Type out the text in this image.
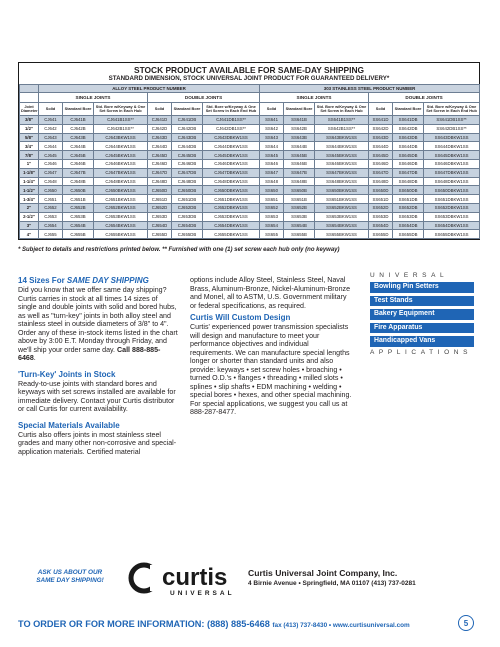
STOCK PRODUCT AVAILABLE FOR SAME-DAY SHIPPING
STANDARD DIMENSION, STOCK UNIVERSAL JOINT PRODUCT FOR GUARANTEED DELIVERY*
	ALLOY STEEL PRODUCT NUMBER						303 STAINLESS STEEL PRODUCT NUMBER					
	SINGLE JOINTS			DOUBLE JOINTS			SINGLE JOINTS			DOUBLE JOINTS		
Joint Diameter	Solid	Standard Bore	Std. Bore w/Keyway & One Set Screw in Each Hub	Solid	Standard Bore	Std. Bore w/Keyway & One Set Screw in Each End Hub	Solid	Standard Bore	Std. Bore w/Keyway & One Set Screw in Each Hub	Solid	Standard Bore	Std. Bore w/Keyway & One Set Screw in Each End Hub
3/8"	CJ641	CJ641B	CJ641B1SS**	CJ641D	CJ641DB	CJ641DB1SS**	SS641	SS641B	SS641B1SS**	SS641D	SS641DB	SS641DB1SS**
1/2"	CJ642	CJ642B	CJ642B1SS**	CJ642D	CJ642DB	CJ642DB1SS**	SS642	SS642B	SS642B1SS**	SS642D	SS642DB	SS642DB1SS**
5/8"	CJ643	CJ643B	CJ643BKW1SS	CJ643D	CJ643DB	CJ643DBKW1SS	SS643	SS643B	SS643BKW1SS	SS643D	SS643DB	SS643DBKW1SS
3/4"	CJ644	CJ644B	CJ644BKW1SS	CJ644D	CJ644DB	CJ644DBKW1SS	SS644	SS644B	SS644BKW1SS	SS644D	SS644DB	SS644DBKW1SS
7/8"	CJ645	CJ645B	CJ645BKW1SS	CJ645D	CJ645DB	CJ645DBKW1SS	SS645	SS645B	SS645BKW1SS	SS645D	SS645DB	SS645DBKW1SS
1"	CJ646	CJ646B	CJ646BKW1SS	CJ646D	CJ646DB	CJ646DBKW1SS	SS646	SS646B	SS646BKW1SS	SS646D	SS646DB	SS646DBKW1SS
1-1/8"	CJ647	CJ647B	CJ647BKW1SS	CJ647D	CJ647DB	CJ647DBKW1SS	SS647	SS647B	SS647BKW1SS	SS647D	SS647DB	SS647DBKW1SS
1-1/4"	CJ648	CJ648B	CJ648BKW1SS	CJ648D	CJ648DB	CJ648DBKW1SS	SS648	SS648B	SS648BKW1SS	SS648D	SS648DB	SS648DBKW1SS
1-1/2"	CJ650	CJ650B	CJ650BKW1SS	CJ650D	CJ650DB	CJ650DBKW1SS	SS650	SS650B	SS650BKW1SS	SS650D	SS650DB	SS650DBKW1SS
1-3/4"	CJ651	CJ651B	CJ651BKW1SS	CJ651D	CJ651DB	CJ651DBKW1SS	SS651	SS651B	SS651BKW1SS	SS651D	SS651DB	SS651DBKW1SS
2"	CJ652	CJ652B	CJ652BKW1SS	CJ652D	CJ652DB	CJ652DBKW1SS	SS652	SS652B	SS652BKW1SS	SS652D	SS652DB	SS652DBKW1SS
2-1/2"	CJ653	CJ653B	CJ653BKW1SS	CJ653D	CJ653DB	CJ653DBKW1SS	SS653	SS653B	SS653BKW1SS	SS653D	SS653DB	SS653DBKW1SS
3"	CJ654	CJ654B	CJ654BKW1SS	CJ654D	CJ654DB	CJ654DBKW1SS	SS654	SS654B	SS654BKW1SS	SS654D	SS654DB	SS654DBKW1SS
4"	CJ655	CJ655B	CJ655BKW1SS	CJ655D	CJ655DB	CJ655DBKW1SS	SS655	SS655B	SS655BKW1SS	SS655D	SS655DB	SS655DBKW1SS
* Subject to details and restrictions printed below. ** Furnished with one (1) set screw each hub only (no keyway)
14 Sizes For SAME DAY SHIPPING

Did you know that we offer same day shipping? Curtis carries in stock at all times 14 sizes of single and double joints with solid and bored hubs, as well as "turn-key" joints in both alloy steel and stainless steel in outside diameters of 3/8" to 4". Order any of these in-stock items listed in the chart above by 3:00 E.T. Monday through Friday, and we'll ship your order same day. Call 888-885-6468.

'Turn-Key' Joints in Stock

Ready-to-use joints with standard bores and keyways with set screws installed are available for immediate delivery. Contact your Curtis distributor or call Curtis for current availability.

Special Materials Available

Curtis also offers joints in most stainless steel grades and many other non-corrosive and special-application materials. Certified material

options include Alloy Steel, Stainless Steel, Naval Brass, Aluminum-Bronze, Nickel-Aluminum-Bronze and Monel, all to ASTM, U.S. Government military or federal specifications, as required.

Curtis Will Custom Design

Curtis' experienced power transmission specialists will design and manufacture to meet your performance objectives and individual requirements. We can manufacture special lengths longer or shorter than standard units and also provide: keyways • set screw holes • broaching • turned O.D.'s • flanges • threading • milled slots • splines • slip shafts • EDM machining • welding • special bores • hexes, and other special machining. For special applications, we suggest you call us at 888-287-8477.

UNIVERSAL
Bowling Pin Setters
Test Stands
Bakery Equipment
Fire Apparatus
Handicapped Vans
APPLICATIONS
ASK US ABOUT OUR
SAME DAY SHIPPING!	curtis
UNIVERSAL
Curtis Universal Joint Company, Inc.
4 Birnie Avenue • Springfield, MA 01107 (413) 737-0281
TO ORDER OR FOR MORE INFORMATION: (888) 885-6468 fax (413) 737-8430 • www.curtisuniversal.com	5
